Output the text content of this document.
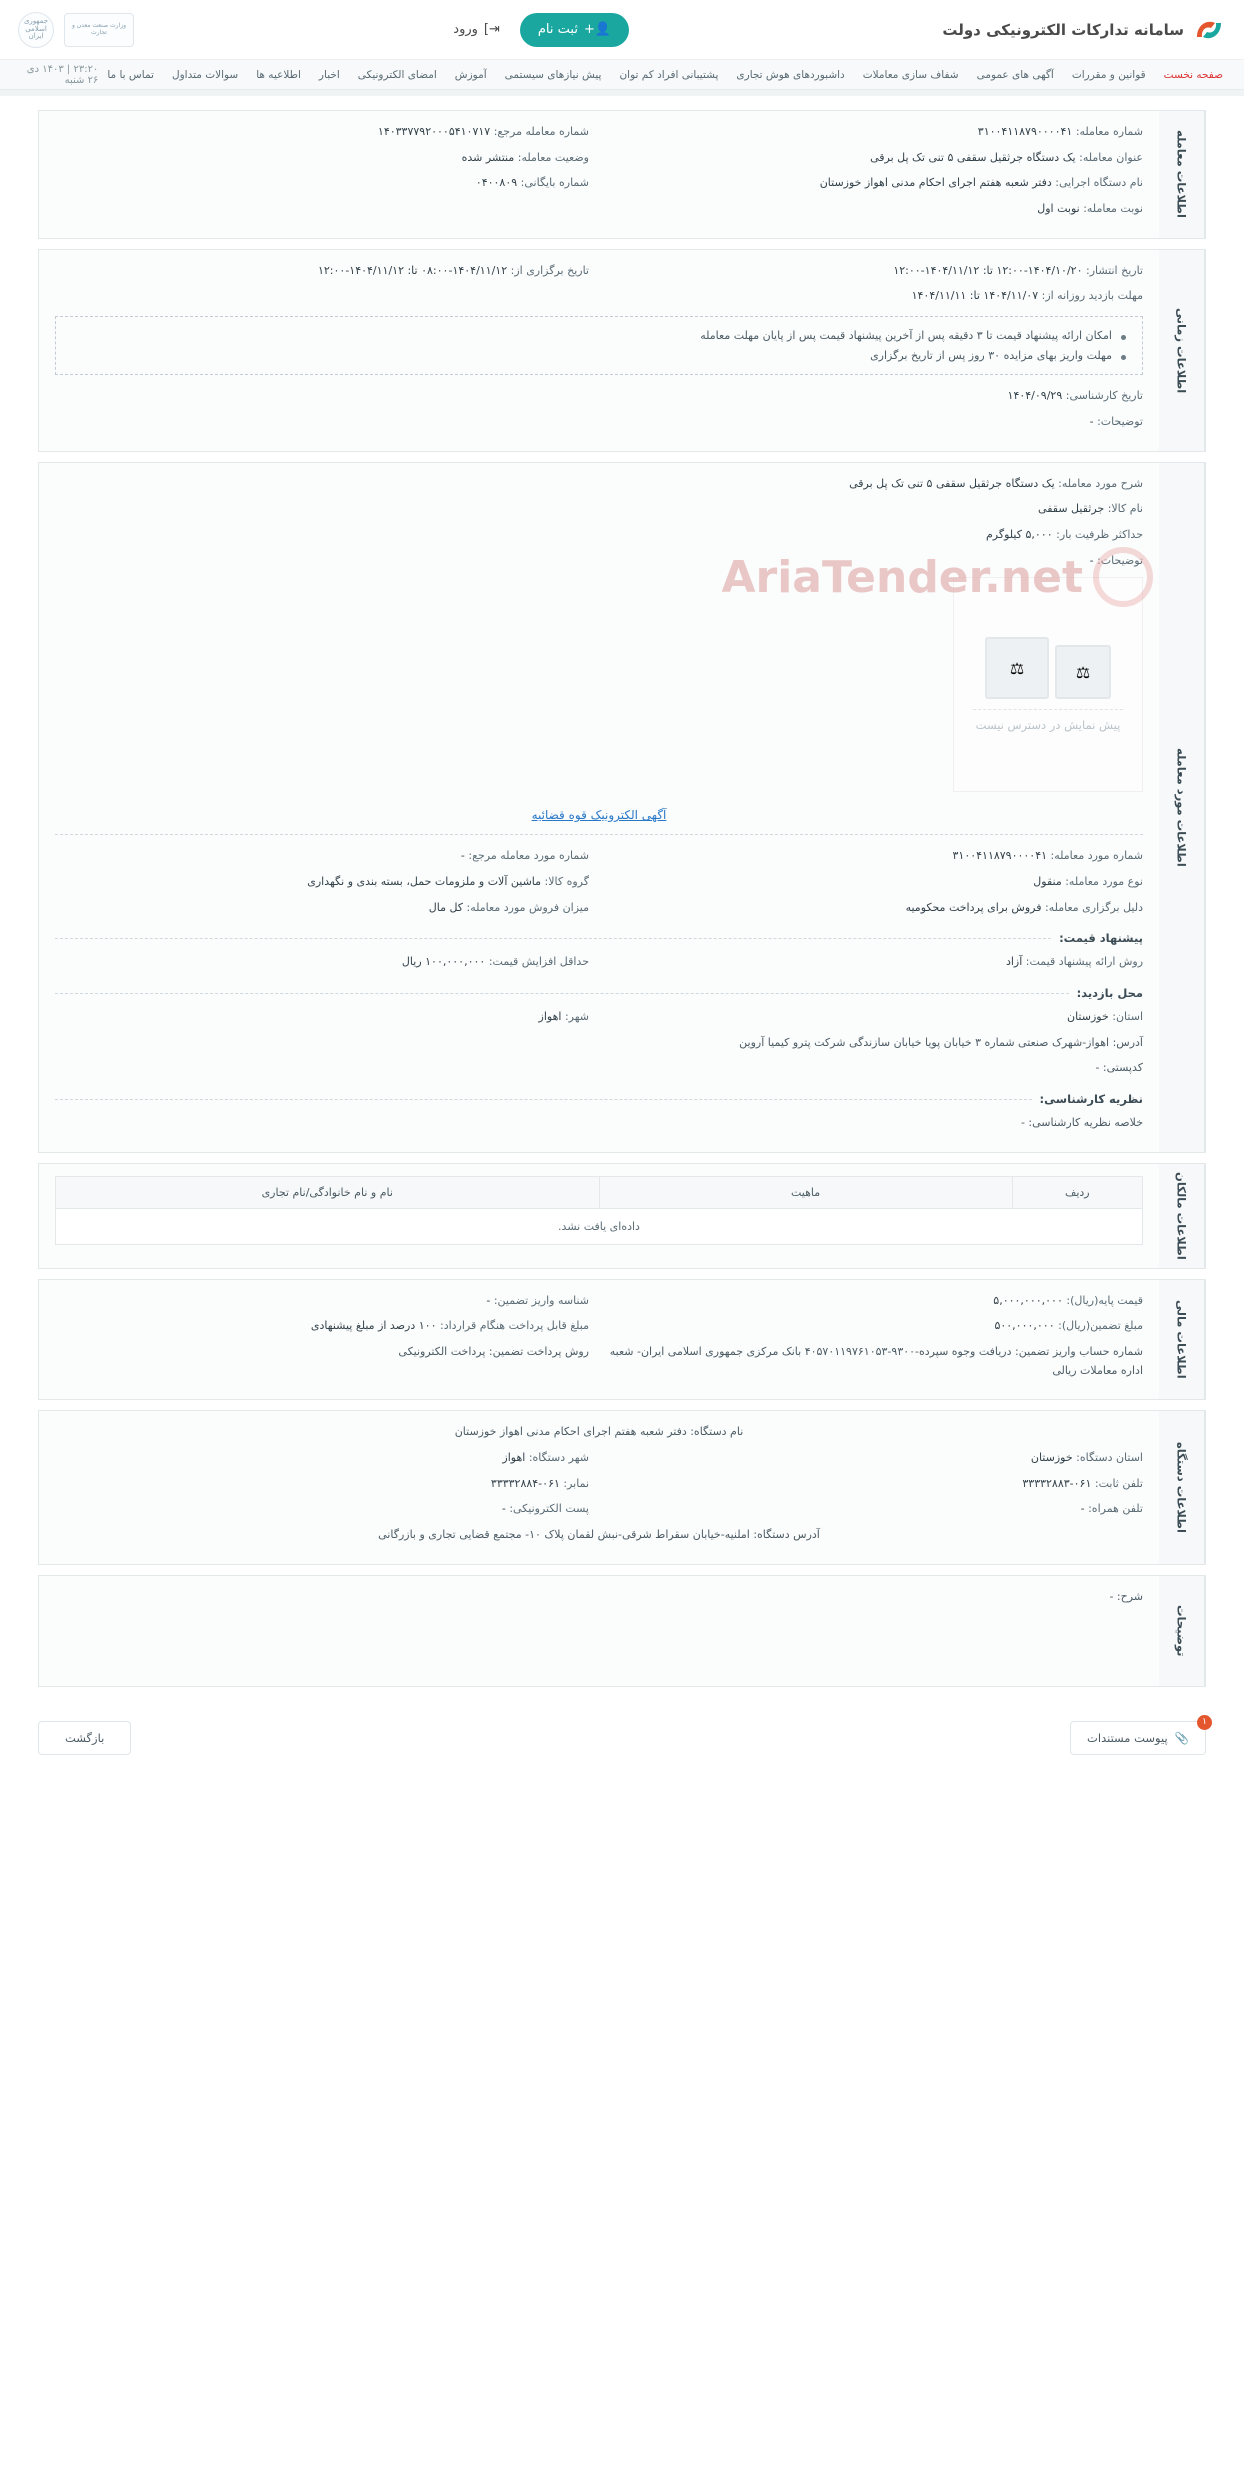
سامانه تدارکات الکترونیکی دولت
👤+
ثبت نام
⇥]
ورود
وزارت صنعت معدن و تجارت
جمهوری اسلامی ایران
صفحه نخست
قوانین و مقررات
آگهی های عمومی
شفاف سازی معاملات
داشبوردهای هوش تجاری
پشتیبانی افراد کم توان
پیش نیازهای سیستمی
آموزش
امضای الکترونیکی
اخبار
اطلاعیه ها
سوالات متداول
تماس با ما
۲۳:۲۰ | ۱۴۰۳ دی ۲۶ شنبه
اطلاعات معامله
شماره معامله: ۳۱۰۰۴۱۱۸۷۹۰۰۰۰۴۱
شماره معامله مرجع: ۱۴۰۳۳۷۷۹۲۰۰۰۵۴۱۰۷۱۷
عنوان معامله: یک دستگاه جرثقیل سقفی ۵ تنی تک پل برقی
وضعیت معامله: منتشر شده
نام دستگاه اجرایی: دفتر شعبه هفتم اجرای احکام مدنی اهواز خوزستان
شماره بایگانی: ۰۴۰۰۸۰۹
نوبت معامله: نوبت اول
اطلاعات زمانی
تاریخ انتشار: ۱۴۰۴/۱۰/۲۰-۱۲:۰۰ تا: ۱۴۰۴/۱۱/۱۲-۱۲:۰۰
تاریخ برگزاری از: ۱۴۰۴/۱۱/۱۲-۰۸:۰۰ تا: ۱۴۰۴/۱۱/۱۲-۱۲:۰۰
مهلت بازدید روزانه از: ۱۴۰۴/۱۱/۰۷ تا: ۱۴۰۴/۱۱/۱۱
امکان ارائه پیشنهاد قیمت تا ۳ دقیقه پس از آخرین پیشنهاد قیمت پس از پایان مهلت معامله
مهلت واریز بهای مزایده ۳۰ روز پس از تاریخ برگزاری
تاریخ کارشناسی: ۱۴۰۴/۰۹/۲۹
توضیحات: -
اطلاعات مورد معامله
شرح مورد معامله: یک دستگاه جرثقیل سقفی ۵ تنی تک پل برقی
نام کالا: جرثقیل سقفی
حداکثر ظرفیت بار: ۵,۰۰۰ کیلوگرم
توضیحات: -
AriaTender.net
⚖
⚖
پیش نمایش در دسترس نیست
آگهی الکترونیک قوه قضائیه
شماره مورد معامله: ۳۱۰۰۴۱۱۸۷۹۰۰۰۰۴۱
شماره مورد معامله مرجع: -
نوع مورد معامله: منقول
گروه کالا: ماشین آلات و ملزومات حمل، بسته بندی و نگهداری
دلیل برگزاری معامله: فروش برای پرداخت محکومیه
میزان فروش مورد معامله: کل مال
پیشنهاد قیمت:
روش ارائه پیشنهاد قیمت: آزاد
حداقل افزایش قیمت: ۱۰۰,۰۰۰,۰۰۰ ریال
محل بازدید:
استان: خوزستان
شهر: اهواز
آدرس: اهواز-شهرک صنعتی شماره ۳ خیابان پویا خیابان سازندگی شرکت پترو کیمیا آروین
کدپستی: -
نظریه کارشناسی:
خلاصه نظریه کارشناسی: -
اطلاعات مالکان
ردیف	ماهیت	نام و نام خانوادگی/نام تجاری
داده‌ای یافت نشد.
اطلاعات مالی
قیمت پایه(ریال): ۵,۰۰۰,۰۰۰,۰۰۰
شناسه واریز تضمین: -
مبلغ تضمین(ریال): ۵۰۰,۰۰۰,۰۰۰
مبلغ قابل پرداخت هنگام قرارداد: ۱۰۰ درصد از مبلغ پیشنهادی
شماره حساب واریز تضمین: دریافت وجوه سپرده-۹۳۰۰-۴۰۵۷۰۱۱۹۷۶۱۰۵۳ بانک مرکزی جمهوری اسلامی ایران- شعبه اداره معاملات ریالی
روش پرداخت تضمین: پرداخت الکترونیکی
اطلاعات دستگاه
نام دستگاه: دفتر شعبه هفتم اجرای احکام مدنی اهواز خوزستان
استان دستگاه: خوزستان
شهر دستگاه: اهواز
تلفن ثابت: ۰۶۱-۳۳۳۳۲۸۸۳
نمابر: ۰۶۱-۳۳۳۳۲۸۸۴
تلفن همراه: -
پست الکترونیکی: -
آدرس دستگاه: املنیه-خیابان سقراط شرقی-نبش لقمان پلاک ۱۰- مجتمع قضایی تجاری و بازرگانی
توضیحات
شرح: -
۱
📎
پیوست مستندات
بازگشت
